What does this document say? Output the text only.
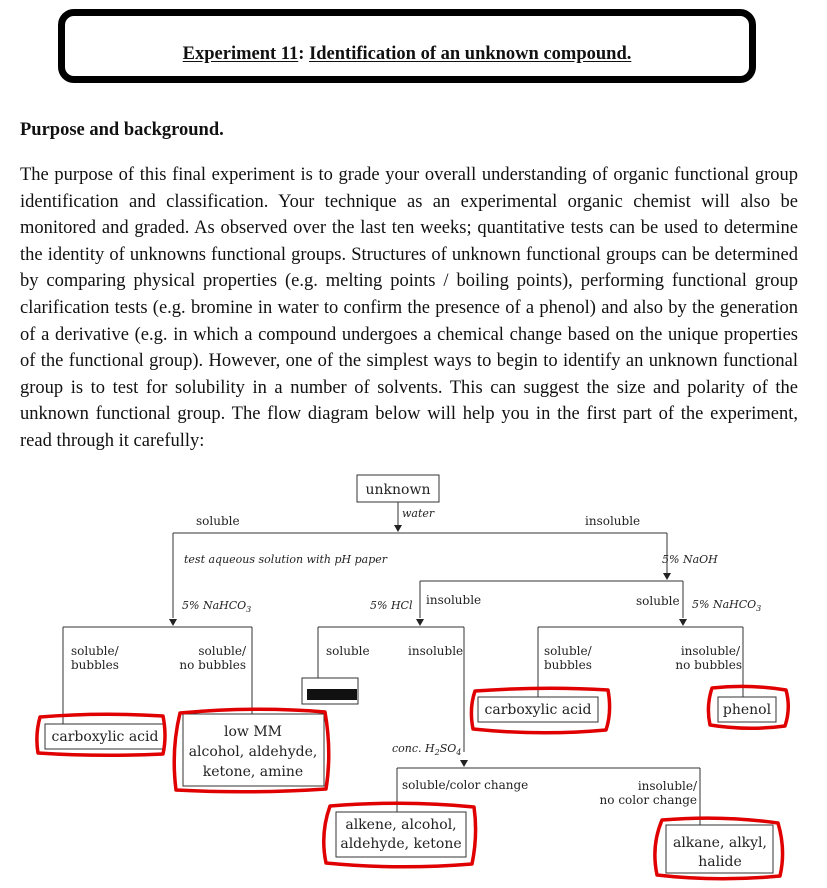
Experiment 11: Identification of an unknown compound.
Purpose and background.

The purpose of this final experiment is to grade your overall understanding of organic functional group identification and classification. Your technique as an experimental organic chemist will also be monitored and graded. As observed over the last ten weeks; quantitative tests can be used to determine the identity of unknowns functional groups. Structures of unknown functional groups can be determined by comparing physical properties (e.g. melting points / boiling points), performing functional group clarification tests (e.g. bromine in water to confirm the presence of a phenol) and also by the generation of a derivative (e.g. in which a compound undergoes a chemical change based on the unique properties of the functional group). However, one of the simplest ways to begin to identify an unknown functional group is to test for solubility in a number of solvents. This can suggest the size and polarity of the unknown functional group. The flow diagram below will help you in the first part of the experiment, read through it carefully:

unknown
water
soluble	insoluble
test aqueous solution with pH paper	5% NaOH
5% NaHCO$_3$	5% HCl insoluble	soluble 5% NaHCO$_3$
soluble/
bubbles
soluble/
no bubbles
soluble	insoluble	soluble/
bubbles
insoluble/
no bubbles
carboxylic acid	low MM
alcohol, aldehyde,
ketone, amine
carboxylic acid	phenol
conc. $H_2SO_4$
soluble/color change	insoluble/
no color change
alkene, alcohol,
aldehyde, ketone	alkane, alkyl,
halide
